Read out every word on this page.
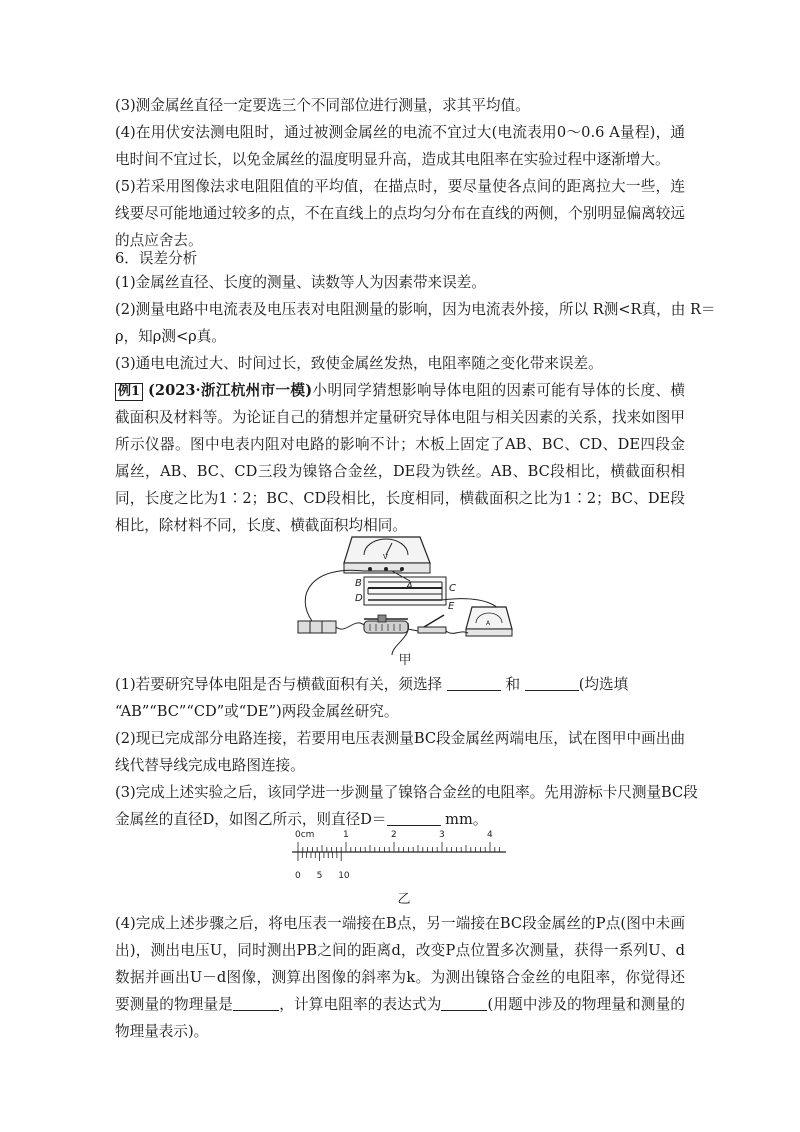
(3)测金属丝直径一定要选三个不同部位进行测量，求其平均值。

(4)在用伏安法测电阻时，通过被测金属丝的电流不宜过大(电流表用0～0.6 A量程)，通电时间不宜过长，以免金属丝的温度明显升高，造成其电阻率在实验过程中逐渐增大。

(5)若采用图像法求电阻阻值的平均值，在描点时，要尽量使各点间的距离拉大一些，连线要尽可能地通过较多的点，不在直线上的点均匀分布在直线的两侧，个别明显偏离较远的点应舍去。

6．误差分析

(1)金属丝直径、长度的测量、读数等人为因素带来误差。

(2)测量电路中电流表及电压表对电阻测量的影响，因为电流表外接，所以 R测<R真，由 R＝

ρ，知ρ测<ρ真。

(3)通电电流过大、时间过长，致使金属丝发热，电阻率随之变化带来误差。

例1 (2023·浙江杭州市一模)小明同学猜想影响导体电阻的因素可能有导体的长度、横截面积及材料等。为论证自己的猜想并定量研究导体电阻与相关因素的关系，找来如图甲所示仪器。图中电表内阻对电路的影响不计；木板上固定了AB、BC、CD、DE四段金属丝，AB、BC、CD三段为镍铬合金丝，DE段为铁丝。AB、BC段相比，横截面积相同，长度之比为1∶2；BC、CD段相比，长度相同，横截面积之比为1∶2；BC、DE段相比，除材料不同，长度、横截面积均相同。

V
B	A	C
D
E
A
甲

(1)若要研究导体电阻是否与横截面积有关，须选择	和	(均选填

“AB”“BC”“CD”或“DE”)两段金属丝研究。

(2)现已完成部分电路连接，若要用电压表测量BC段金属丝两端电压，试在图甲中画出曲线代替导线完成电路图连接。

(3)完成上述实验之后，该同学进一步测量了镍铬合金丝的电阻率。先用游标卡尺测量BC段

金属丝的直径D，如图乙所示，则直径D＝	mm。

0cm	1	2	3	4
0 5 10
乙

(4)完成上述步骤之后，将电压表一端接在B点，另一端接在BC段金属丝的P点(图中未画出)，测出电压U，同时测出PB之间的距离d，改变P点位置多次测量，获得一系列U、d数据并画出U－d图像，测算出图像的斜率为k。为测出镍铬合金丝的电阻率，你觉得还要测量的物理量是	，计算电阻率的表达式为	(用题中涉及的物理量和测量的物理量表示)。
